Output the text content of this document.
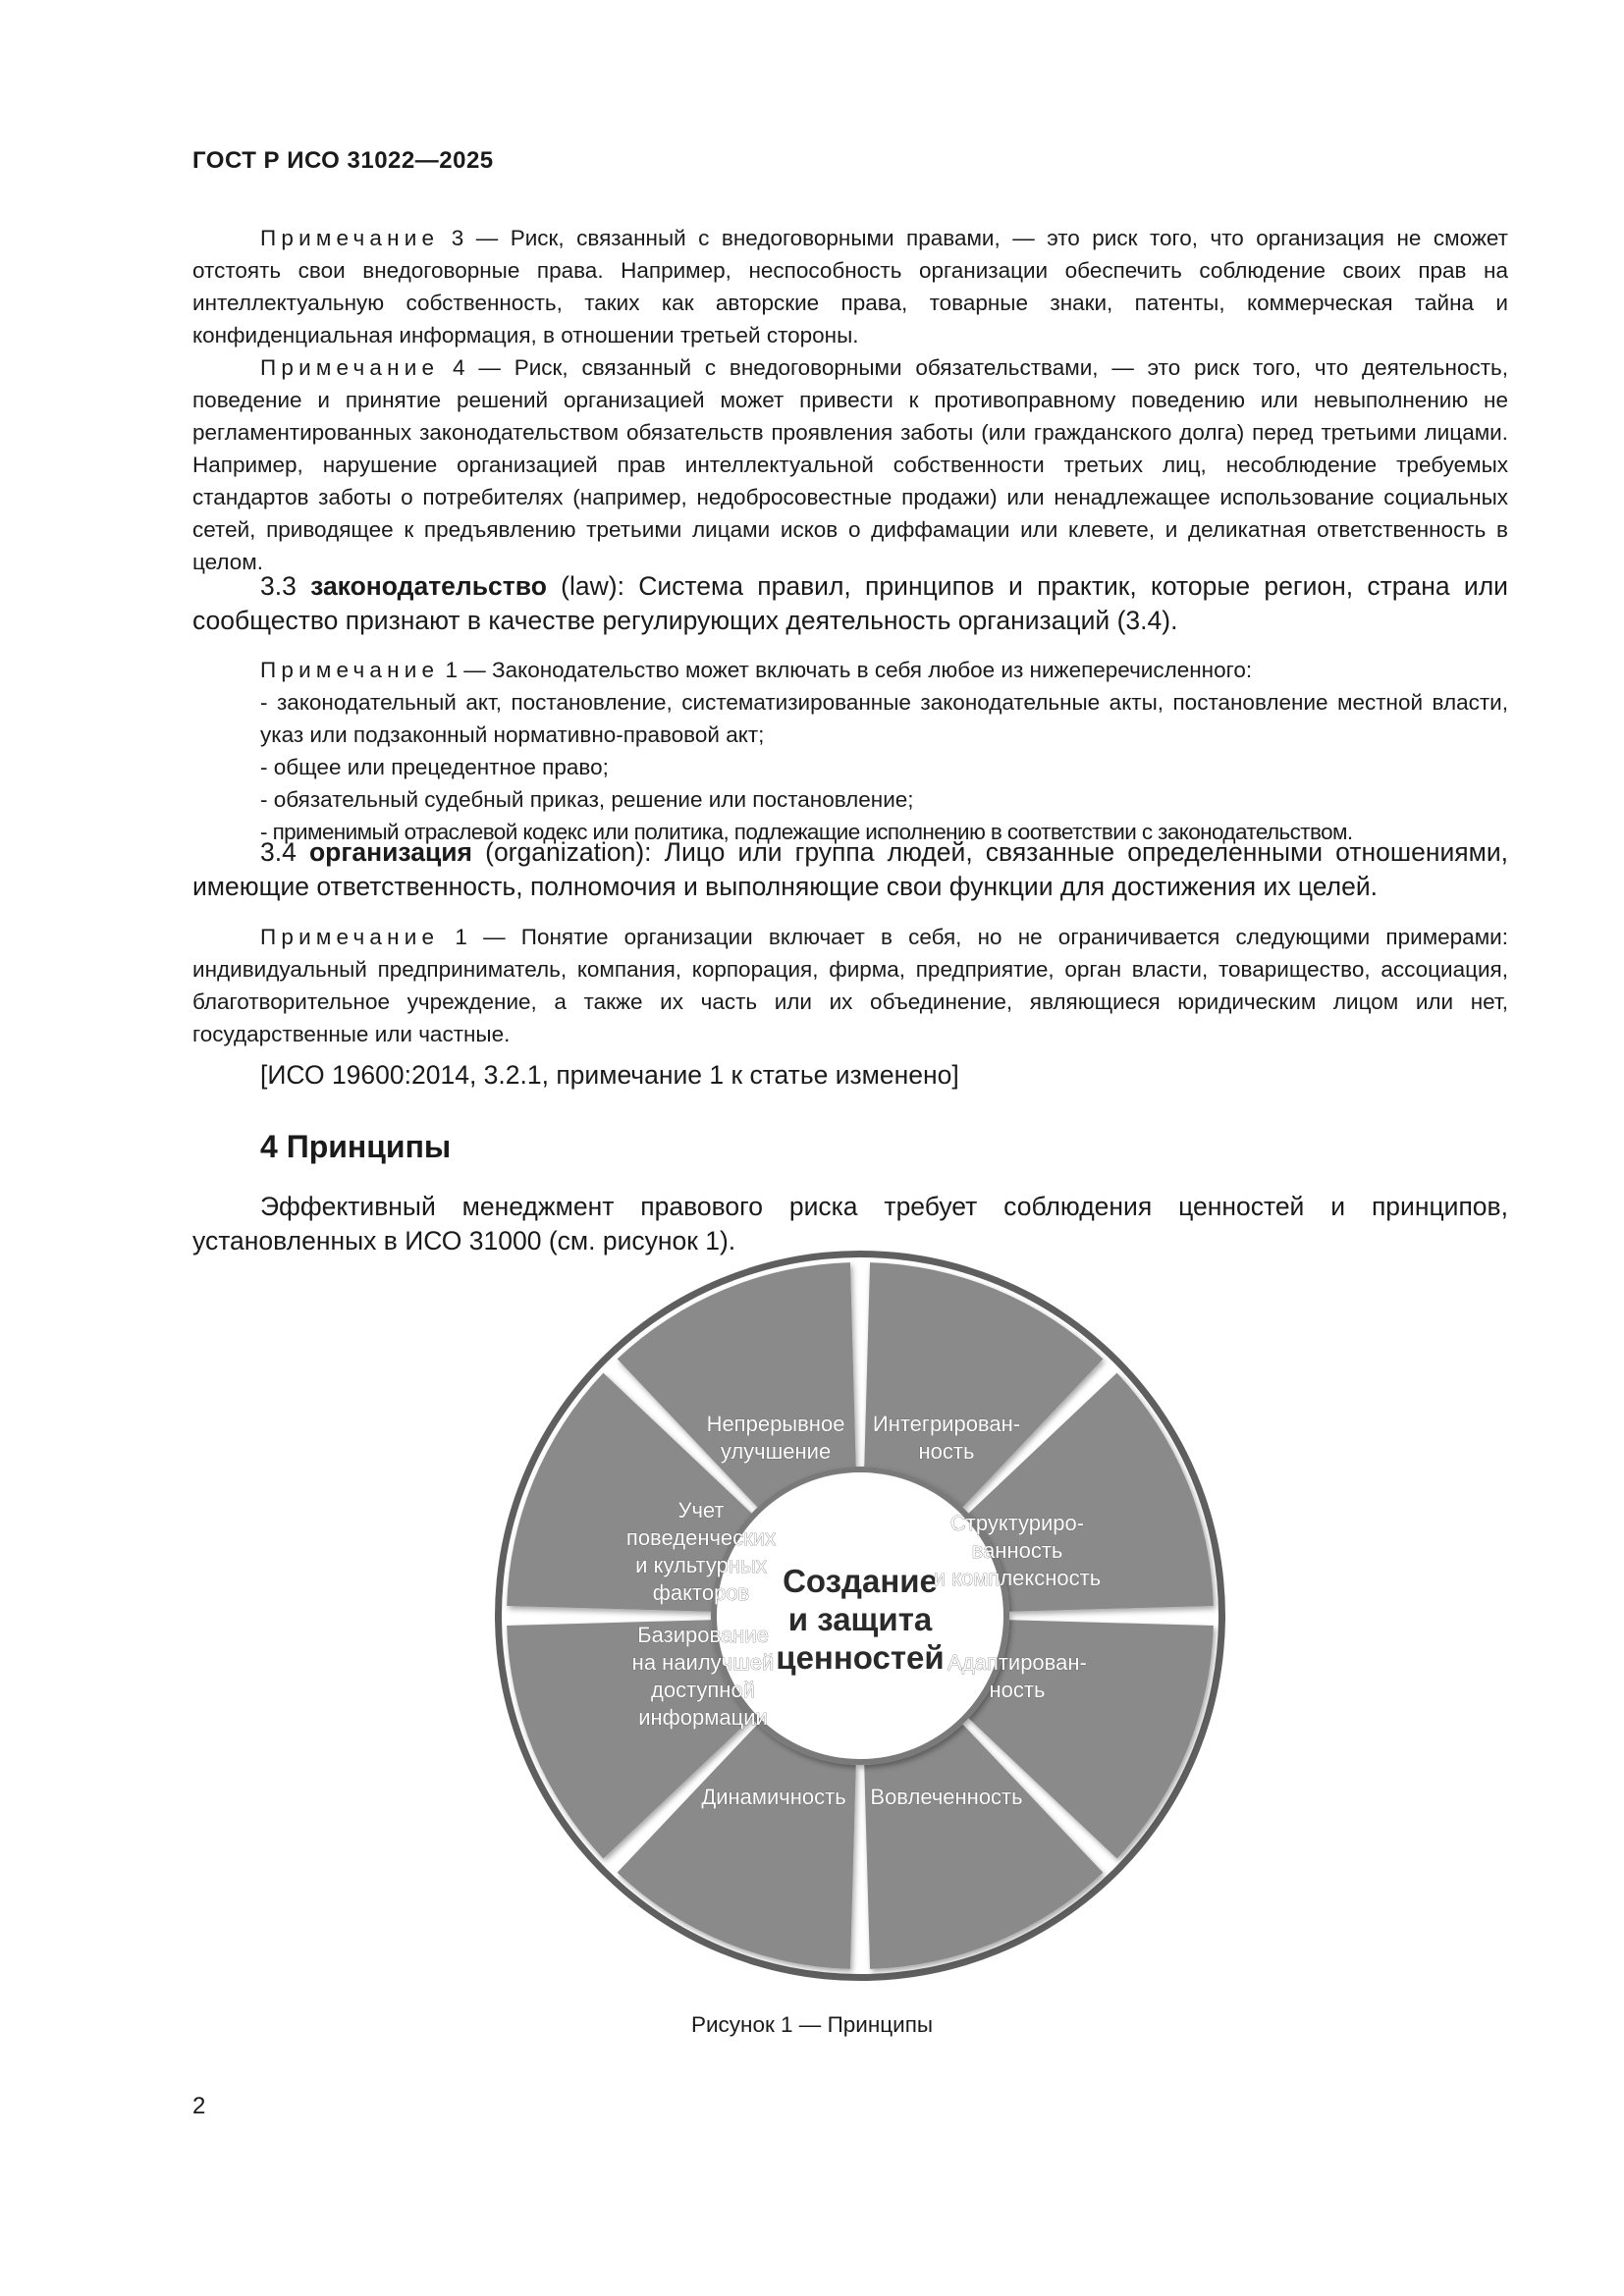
ГОСТ Р ИСО 31022—2025

Примечание 3 — Риск, связанный с внедоговорными правами, — это риск того, что организация не сможет отстоять свои внедоговорные права. Например, неспособность организации обеспечить соблюдение своих прав на интеллектуальную собственность, таких как авторские права, товарные знаки, патенты, коммерческая тайна и конфиденциальная информация, в отношении третьей стороны.

Примечание 4 — Риск, связанный с внедоговорными обязательствами, — это риск того, что деятельность, поведение и принятие решений организацией может привести к противоправному поведению или невыполнению не регламентированных законодательством обязательств проявления заботы (или гражданского долга) перед третьими лицами. Например, нарушение организацией прав интеллектуальной собственности третьих лиц, несоблюдение требуемых стандартов заботы о потребителях (например, недобросовестные продажи) или ненадлежащее использование социальных сетей, приводящее к предъявлению третьими лицами исков о диффамации или клевете, и деликатная ответственность в целом.

3.3 законодательство (law): Система правил, принципов и практик, которые регион, страна или сообщество признают в качестве регулирующих деятельность организаций (3.4).

Примечание 1 — Законодательство может включать в себя любое из нижеперечисленного:

- законодательный акт, постановление, систематизированные законодательные акты, постановление местной власти, указ или подзаконный нормативно-правовой акт;

- общее или прецедентное право;

- обязательный судебный приказ, решение или постановление;

- применимый отраслевой кодекс или политика, подлежащие исполнению в соответствии с законодательством.

3.4 организация (organization): Лицо или группа людей, связанные определенными отношениями, имеющие ответственность, полномочия и выполняющие свои функции для достижения их целей.

Примечание 1 — Понятие организации включает в себя, но не ограничивается следующими примерами: индивидуальный предприниматель, компания, корпорация, фирма, предприятие, орган власти, товарищество, ассоциация, благотворительное учреждение, а также их часть или их объединение, являющиеся юридическим лицом или нет, государственные или частные.

[ИСО 19600:2014, 3.2.1, примечание 1 к статье изменено]

4 Принципы

Эффективный менеджмент правового риска требует соблюдения ценностей и принципов, установленных в ИСО 31000 (см. рисунок 1).

Создание
и защита
ценностей
Интегрирован-ность
Структуриро-ванность и комплексность
Адаптирован-ность
Вовлеченность
Динамичность
Базирование на наилучшей доступной информации
Учет поведенческих и культурных факторов
Непрерывное улучшение
Рисунок 1 — Принципы
2
